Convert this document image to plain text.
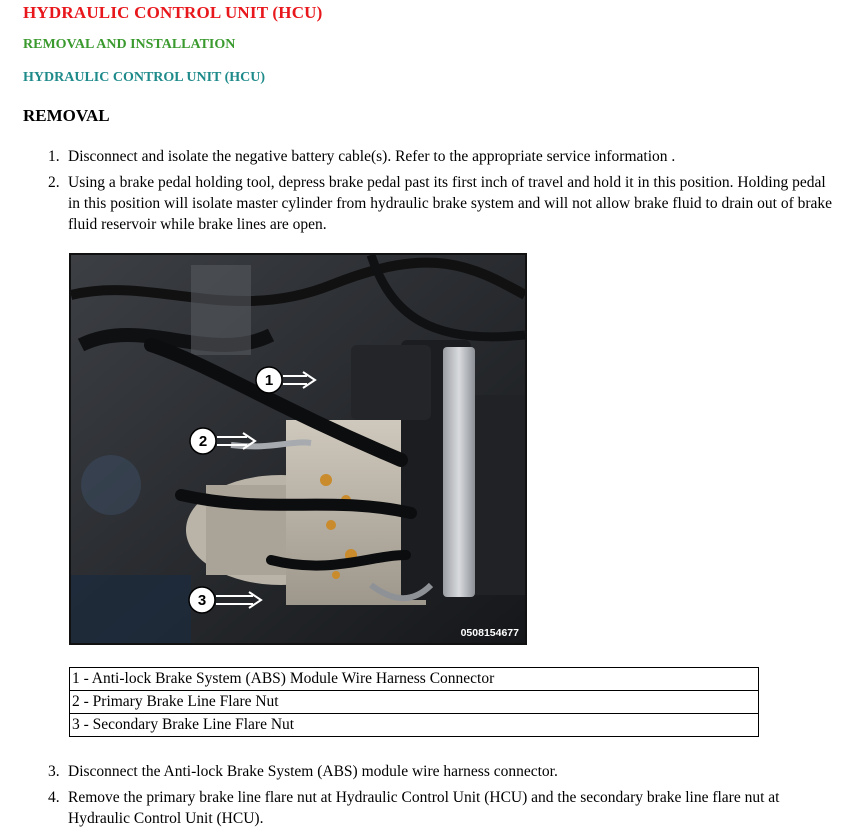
HYDRAULIC CONTROL UNIT (HCU)
REMOVAL AND INSTALLATION
HYDRAULIC CONTROL UNIT (HCU)
REMOVAL
1. Disconnect and isolate the negative battery cable(s). Refer to the appropriate service information .
2. Using a brake pedal holding tool, depress brake pedal past its first inch of travel and hold it in this position. Holding pedal in this position will isolate master cylinder from hydraulic brake system and will not allow brake fluid to drain out of brake fluid reservoir while brake lines are open.
1
2
3
0508154677
1 - Anti-lock Brake System (ABS) Module Wire Harness Connector
2 - Primary Brake Line Flare Nut
3 - Secondary Brake Line Flare Nut
3. Disconnect the Anti-lock Brake System (ABS) module wire harness connector.
4. Remove the primary brake line flare nut at Hydraulic Control Unit (HCU) and the secondary brake line flare nut at Hydraulic Control Unit (HCU).
